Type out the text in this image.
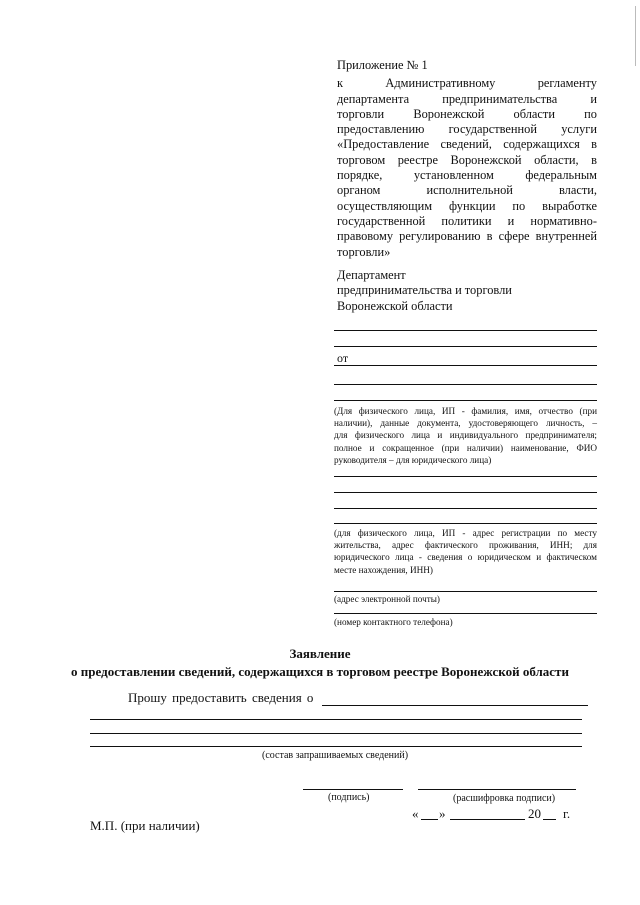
Приложение № 1
к Административному регламенту
департамента предпринимательства и
торговли Воронежской области по
предоставлению государственной услуги
«Предоставление сведений, содержащихся в
торговом реестре Воронежской области, в
порядке, установленном федеральным
органом исполнительной власти,
осуществляющим функции по выработке
государственной политики и нормативно-
правовому регулированию в сфере внутренней
торговли»
Департамент
предпринимательства и торговли
Воронежской области
от
(Для физического лица, ИП - фамилия, имя, отчество (при
наличии), данные документа, удостоверяющего личность, –
для физического лица и индивидуального предпринимателя;
полное и сокращенное (при наличии) наименование, ФИО
руководителя – для юридического лица)
(для физического лица, ИП - адрес регистрации по месту
жительства, адрес фактического проживания, ИНН; для
юридического лица - сведения о юридическом и фактическом
месте нахождения, ИНН)
(адрес электронной почты)
(номер контактного телефона)
Заявление
о предоставлении сведений, содержащихся в торговом реестре Воронежской области
Прошу предоставить сведения о
(состав запрашиваемых сведений)
(подпись)	(расшифровка подписи)
« »	20 г.
М.П. (при наличии)
